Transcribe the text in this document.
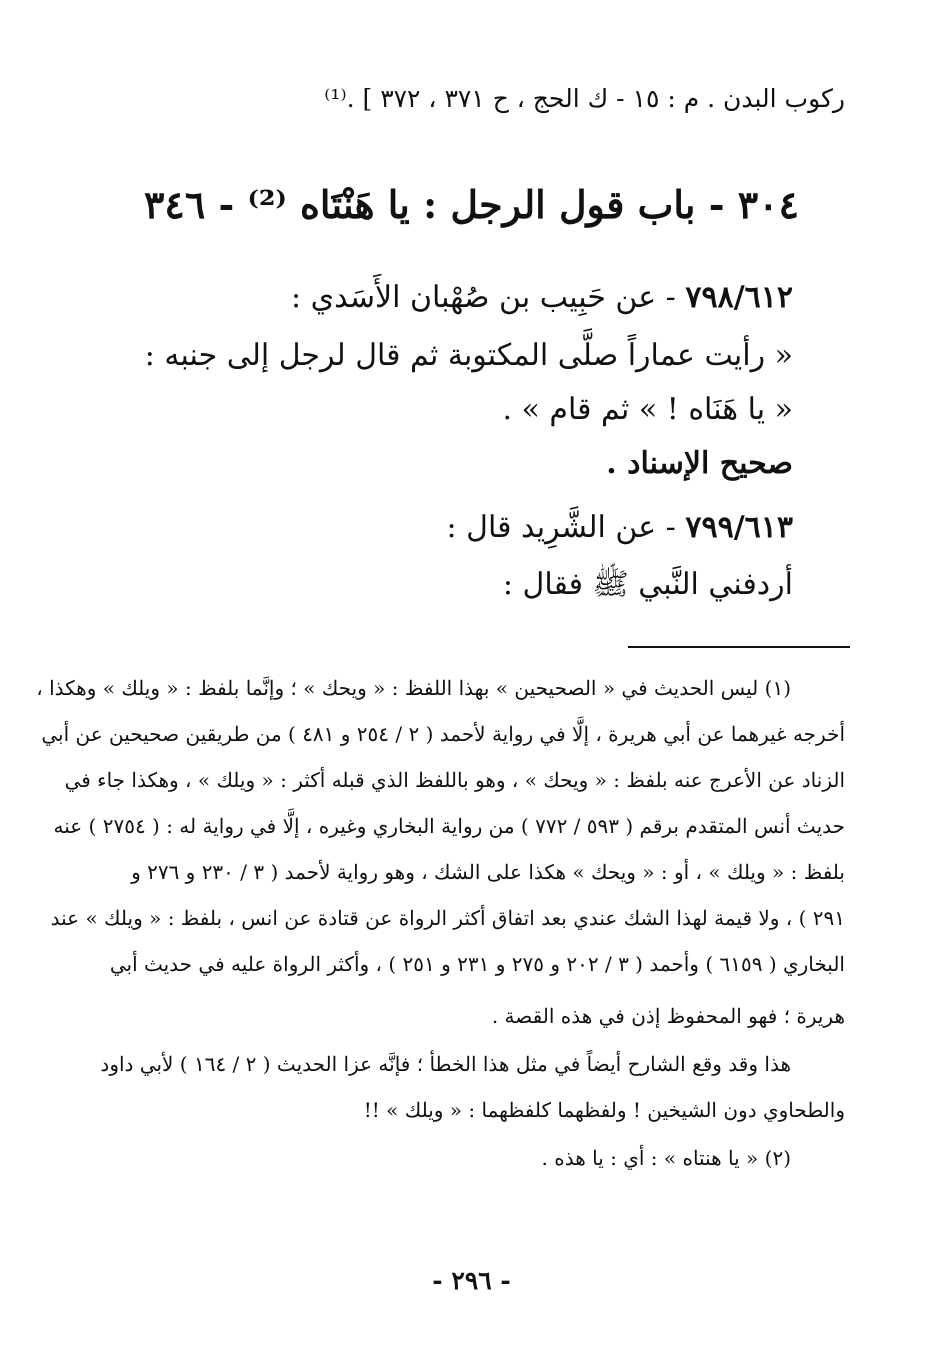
ركوب البدن . م : ١٥ - ك الحج ، ح ٣٧١ ، ٣٧٢ ] .⁽¹⁾
٣٠٤ - باب قول الرجل : يا هَنْتَاه ⁽²⁾ - ٣٤٦
٧٩٨/٦١٢ - عن حَبِيب بن صُهْبان الأَسَدي :
« رأيت عماراً صلَّى المكتوبة ثم قال لرجل إلى جنبه :
« يا هَنَاه ! » ثم قام » .
صحيح الإسناد .
٧٩٩/٦١٣ - عن الشَّرِيد قال :
أردفني النَّبي ﷺ فقال :
(١) ليس الحديث في « الصحيحين » بهذا اللفظ : « ويحك » ؛ وإنَّما بلفظ : « ويلك » وهكذا ،
أخرجه غيرهما عن أبي هريرة ، إلَّا في رواية لأحمد ( ٢ / ٢٥٤ و ٤٨١ ) من طريقين صحيحين عن أبي
الزناد عن الأعرج عنه بلفظ : « ويحك » ، وهو باللفظ الذي قبله أكثر : « ويلك » ، وهكذا جاء في
حديث أنس المتقدم برقم ( ٥٩٣ / ٧٧٢ ) من رواية البخاري وغيره ، إلَّا في رواية له : ( ٢٧٥٤ ) عنه
بلفظ : « ويلك » ، أو : « ويحك » هكذا على الشك ، وهو رواية لأحمد ( ٣ / ٢٣٠ و ٢٧٦ و
٢٩١ ) ، ولا قيمة لهذا الشك عندي بعد اتفاق أكثر الرواة عن قتادة عن انس ، بلفظ : « ويلك » عند
البخاري ( ٦١٥٩ ) وأحمد ( ٣ / ٢٠٢ و ٢٧٥ و ٢٣١ و ٢٥١ ) ، وأكثر الرواة عليه في حديث أبي
هريرة ؛ فهو المحفوظ إذن في هذه القصة .
هذا وقد وقع الشارح أيضاً في مثل هذا الخطأ ؛ فإنَّه عزا الحديث ( ٢ / ١٦٤ ) لأبي داود
والطحاوي دون الشيخين ! ولفظهما كلفظهما : « ويلك » !!
(٢) « يا هنتاه » : أي : يا هذه .
- ٢٩٦ -
